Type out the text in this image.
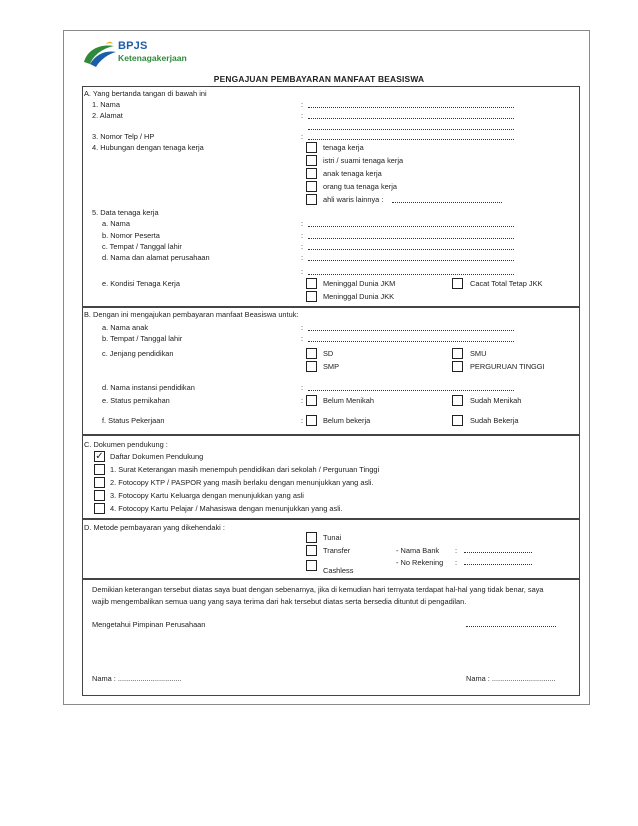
BPJS
Ketenagakerjaan
PENGAJUAN PEMBAYARAN MANFAAT BEASISWA
A. Yang bertanda tangan di bawah ini
1. Nama	:
2. Alamat	:
3. Nomor Telp / HP	:
4. Hubungan dengan tenaga kerja	tenaga kerja
istri / suami tenaga kerja
anak tenaga kerja
orang tua tenaga kerja
ahli waris lainnya :
5. Data tenaga kerja
a. Nama	:
b. Nomor Peserta	:
c. Tempat / Tanggal lahir	:
d. Nama dan alamat perusahaan	:
:
e. Kondisi Tenaga Kerja	Meninggal Dunia JKM	Cacat Total Tetap JKK
Meninggal Dunia JKK
B. Dengan ini mengajukan pembayaran manfaat Beasiswa untuk:
a. Nama anak	:
b. Tempat / Tanggal lahir	:
c. Jenjang pendidikan	SD	SMU
SMP	PERGURUAN TINGGI
d. Nama instansi pendidikan	:
e. Status pernikahan	:	Belum Menikah	Sudah Menikah
f. Status Pekerjaan	:	Belum bekerja	Sudah Bekerja
C. Dokumen pendukung :
✓ Daftar Dokumen Pendukung
1. Surat Keterangan masih menempuh pendidikan dari sekolah / Perguruan Tinggi
2. Fotocopy KTP / PASPOR yang masih berlaku dengan menunjukkan yang asli.
3. Fotocopy Kartu Keluarga dengan menunjukkan yang asli
4. Fotocopy Kartu Pelajar / Mahasiswa dengan menunjukkan yang asli.
D. Metode pembayaran yang dikehendaki :
Tunai
Transfer	- Nama Bank :
- No Rekening :
Cashless
Demikian keterangan tersebut diatas saya buat dengan sebenarnya, jika di kemudian hari ternyata terdapat hal-hal yang tidak benar, saya
wajib mengembalikan semua uang yang saya terima dari hak tersebut diatas serta bersedia dituntut di pengadilan.
Mengetahui Pimpinan Perusahaan
Nama : ...............................	Nama : ...............................
